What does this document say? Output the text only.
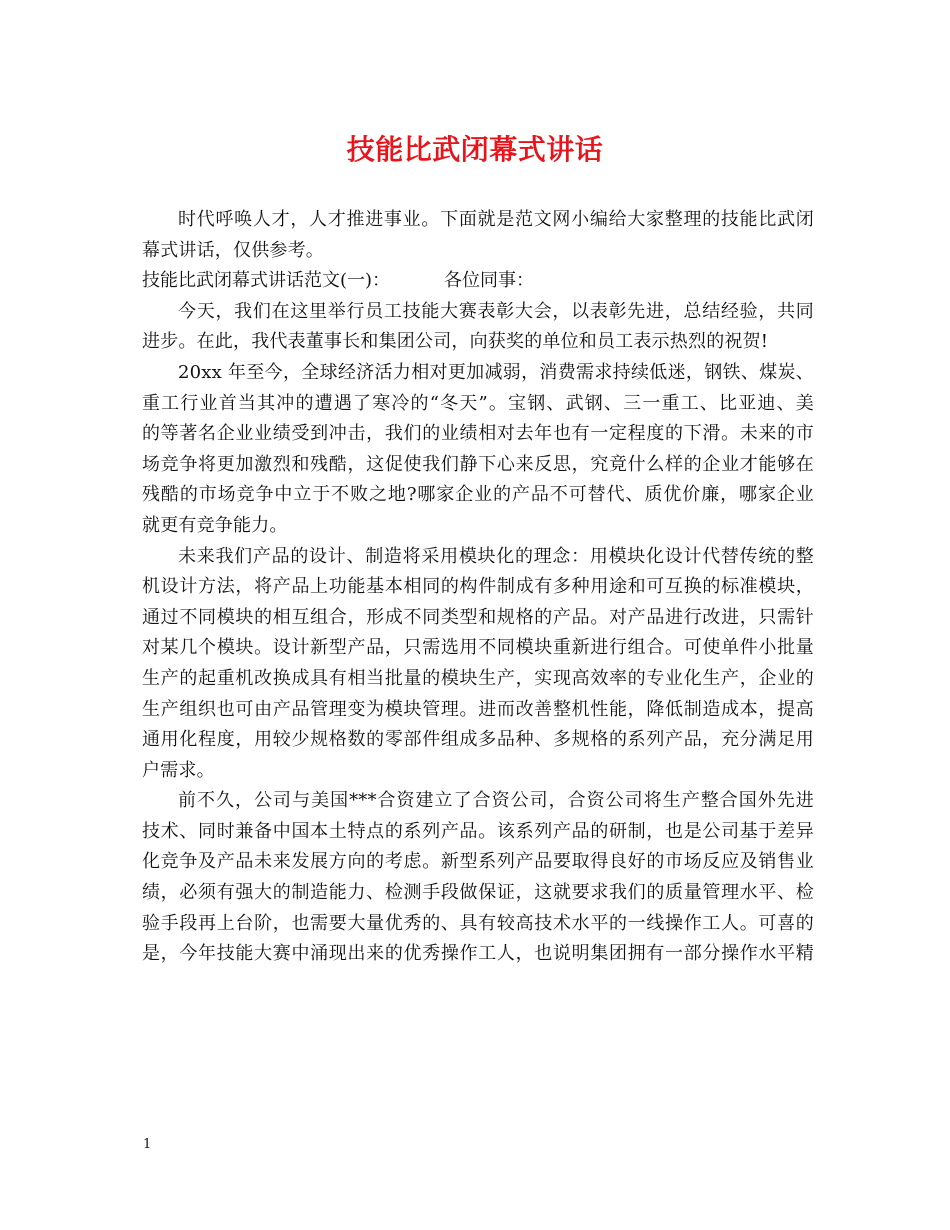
技能比武闭幕式讲话

时代呼唤人才，人才推进事业。下面就是范文网小编给大家整理的技能比武闭
幕式讲话，仅供参考。

技能比武闭幕式讲话范文(一)：	各位同事：

今天，我们在这里举行员工技能大赛表彰大会，以表彰先进，总结经验，共同
进步。在此，我代表董事长和集团公司，向获奖的单位和员工表示热烈的祝贺!

20xx 年至今，全球经济活力相对更加减弱，消费需求持续低迷，钢铁、煤炭、
重工行业首当其冲的遭遇了寒冷的“冬天”。宝钢、武钢、三一重工、比亚迪、美
的等著名企业业绩受到冲击，我们的业绩相对去年也有一定程度的下滑。未来的市
场竞争将更加激烈和残酷，这促使我们静下心来反思，究竟什么样的企业才能够在
残酷的市场竞争中立于不败之地?哪家企业的产品不可替代、质优价廉，哪家企业
就更有竞争能力。

未来我们产品的设计、制造将采用模块化的理念：用模块化设计代替传统的整
机设计方法，将产品上功能基本相同的构件制成有多种用途和可互换的标准模块，
通过不同模块的相互组合，形成不同类型和规格的产品。对产品进行改进，只需针
对某几个模块。设计新型产品，只需选用不同模块重新进行组合。可使单件小批量
生产的起重机改换成具有相当批量的模块生产，实现高效率的专业化生产，企业的
生产组织也可由产品管理变为模块管理。进而改善整机性能，降低制造成本，提高
通用化程度，用较少规格数的零部件组成多品种、多规格的系列产品，充分满足用
户需求。

前不久，公司与美国***合资建立了合资公司，合资公司将生产整合国外先进
技术、同时兼备中国本土特点的系列产品。该系列产品的研制，也是公司基于差异
化竞争及产品未来发展方向的考虑。新型系列产品要取得良好的市场反应及销售业
绩，必须有强大的制造能力、检测手段做保证，这就要求我们的质量管理水平、检
验手段再上台阶，也需要大量优秀的、具有较高技术水平的一线操作工人。可喜的
是，今年技能大赛中涌现出来的优秀操作工人，也说明集团拥有一部分操作水平精

1
